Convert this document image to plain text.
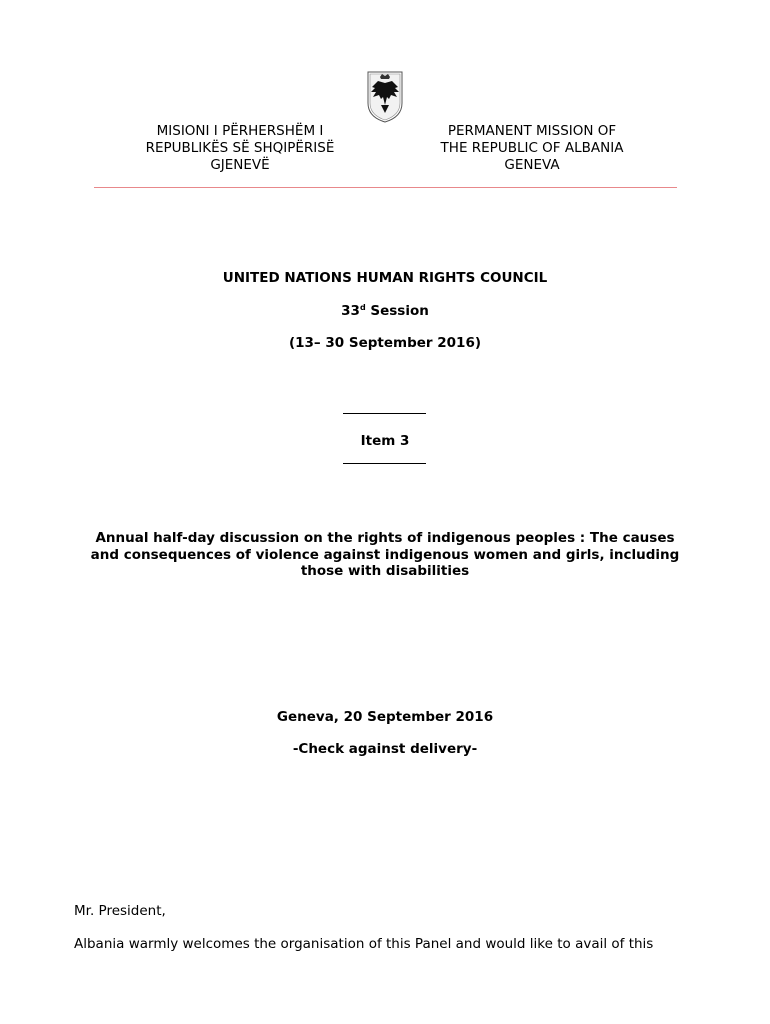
MISIONI I PËRHERSHËM I
REPUBLIKËS SË SHQIPËRISË
GJENEVË
PERMANENT MISSION OF
THE REPUBLIC OF ALBANIA
GENEVA
UNITED NATIONS HUMAN RIGHTS COUNCIL
33$^d$ Session
(13– 30 September 2016)
Item 3
Annual half-day discussion on the rights of indigenous peoples : The causes
and consequences of violence against indigenous women and girls, including
those with disabilities
Geneva, 20 September 2016
-Check against delivery-
Mr. President,
Albania warmly welcomes the organisation of this Panel and would like to avail of this
